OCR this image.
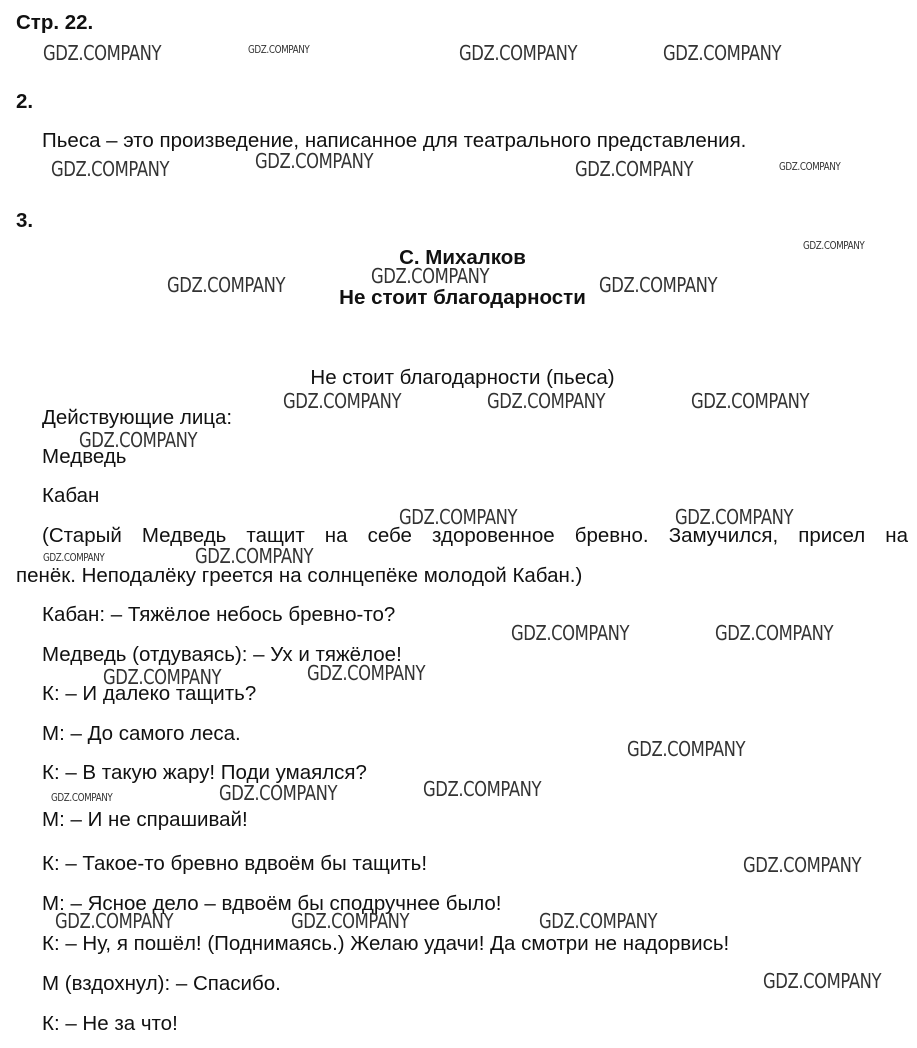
Стр. 22.
2.
Пьеса – это произведение, написанное для театрального представления.
3.
С. Михалков
Не стоит благодарности
Не стоит благодарности (пьеса)
Действующие лица:
Медведь
Кабан
(Старый Медведь тащит на себе здоровенное бревно. Замучился, присел на
пенёк. Неподалёку греется на солнцепёке молодой Кабан.)
Кабан: – Тяжёлое небось бревно-то?
Медведь (отдуваясь): – Ух и тяжёлое!
К: – И далеко тащить?
М: – До самого леса.
К: – В такую жару! Поди умаялся?
М: – И не спрашивай!
К: – Такое-то бревно вдвоём бы тащить!
М: – Ясное дело – вдвоём бы сподручнее было!
К: – Ну, я пошёл! (Поднимаясь.) Желаю удачи! Да смотри не надорвись!
М (вздохнул): – Спасибо.
К: – Не за что!
GDZ.COMPANY	GDZ.COMPANY	GDZ.COMPANY	GDZ.COMPANY
GDZ.COMPANY	GDZ.COMPANY	GDZ.COMPANY	GDZ.COMPANY
GDZ.COMPANY
GDZ.COMPANY
GDZ.COMPANY	GDZ.COMPANY
GDZ.COMPANY	GDZ.COMPANY	GDZ.COMPANY
GDZ.COMPANY
GDZ.COMPANY	GDZ.COMPANY
GDZ.COMPANY	GDZ.COMPANY
GDZ.COMPANY	GDZ.COMPANY
GDZ.COMPANY	GDZ.COMPANY
GDZ.COMPANY
GDZ.COMPANY	GDZ.COMPANY	GDZ.COMPANY
GDZ.COMPANY
GDZ.COMPANY	GDZ.COMPANY	GDZ.COMPANY
GDZ.COMPANY
